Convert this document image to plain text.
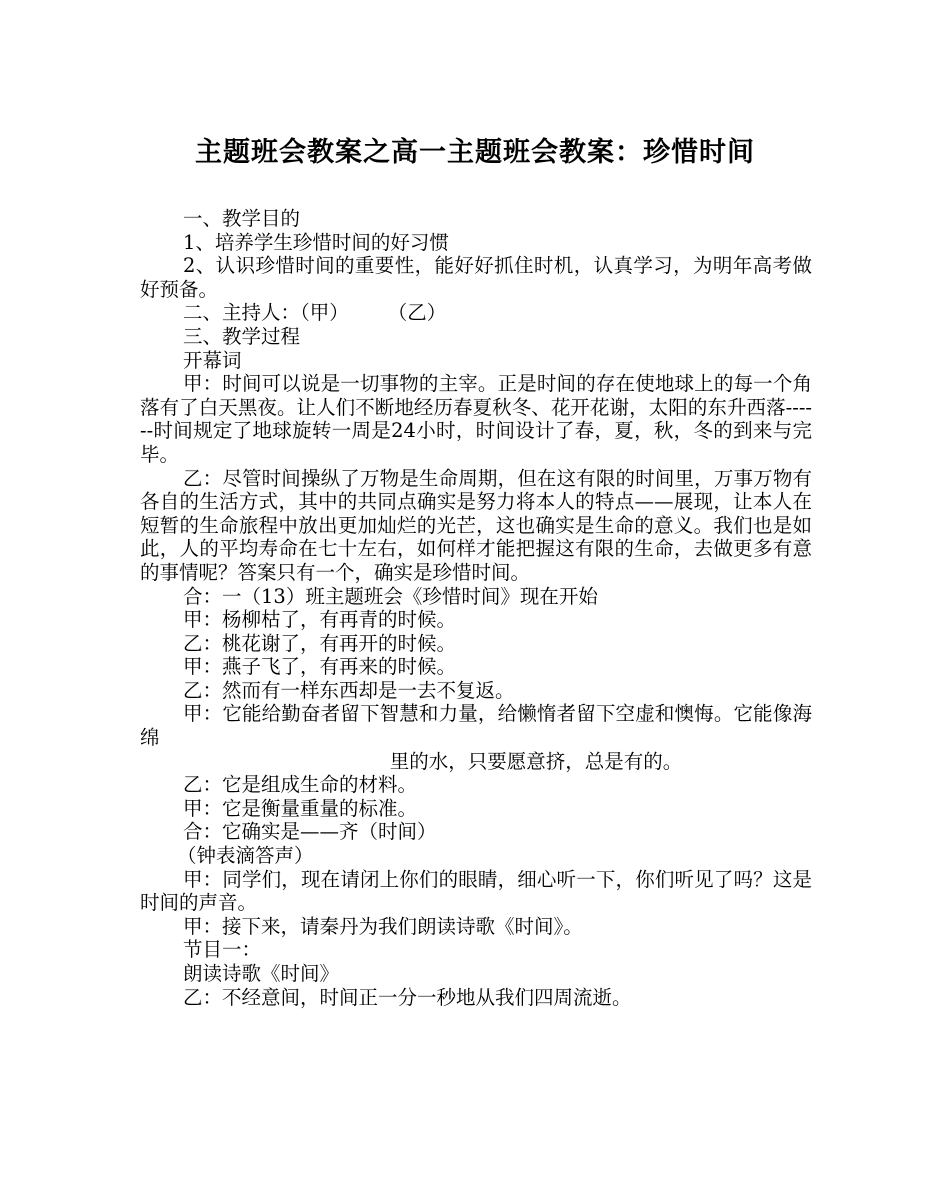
主题班会教案之高一主题班会教案：珍惜时间

一、教学目的

1、培养学生珍惜时间的好习惯

2、认识珍惜时间的重要性，能好好抓住时机，认真学习，为明年高考做好预备。

二、主持人：（甲）　　　（乙）

三、教学过程

开幕词

甲：时间可以说是一切事物的主宰。正是时间的存在使地球上的每一个角落有了白天黑夜。让人们不断地经历春夏秋冬、花开花谢，太阳的东升西落------时间规定了地球旋转一周是24小时，时间设计了春，夏，秋，冬的到来与完毕。

乙：尽管时间操纵了万物是生命周期，但在这有限的时间里，万事万物有各自的生活方式，其中的共同点确实是努力将本人的特点——展现，让本人在短暂的生命旅程中放出更加灿烂的光芒，这也确实是生命的意义。我们也是如此，人的平均寿命在七十左右，如何样才能把握这有限的生命，去做更多有意的事情呢？答案只有一个，确实是珍惜时间。

合：一（13）班主题班会《珍惜时间》现在开始

甲：杨柳枯了，有再青的时候。

乙：桃花谢了，有再开的时候。

甲：燕子飞了，有再来的时候。

乙：然而有一样东西却是一去不复返。

甲：它能给勤奋者留下智慧和力量，给懒惰者留下空虚和懊悔。它能像海绵

里的水，只要愿意挤，总是有的。

乙：它是组成生命的材料。

甲：它是衡量重量的标准。

合：它确实是——齐（时间）

（钟表滴答声）

甲：同学们，现在请闭上你们的眼睛，细心听一下，你们听见了吗？这是时间的声音。

甲：接下来，请秦丹为我们朗读诗歌《时间》。

节目一：

朗读诗歌《时间》

乙：不经意间，时间正一分一秒地从我们四周流逝。
